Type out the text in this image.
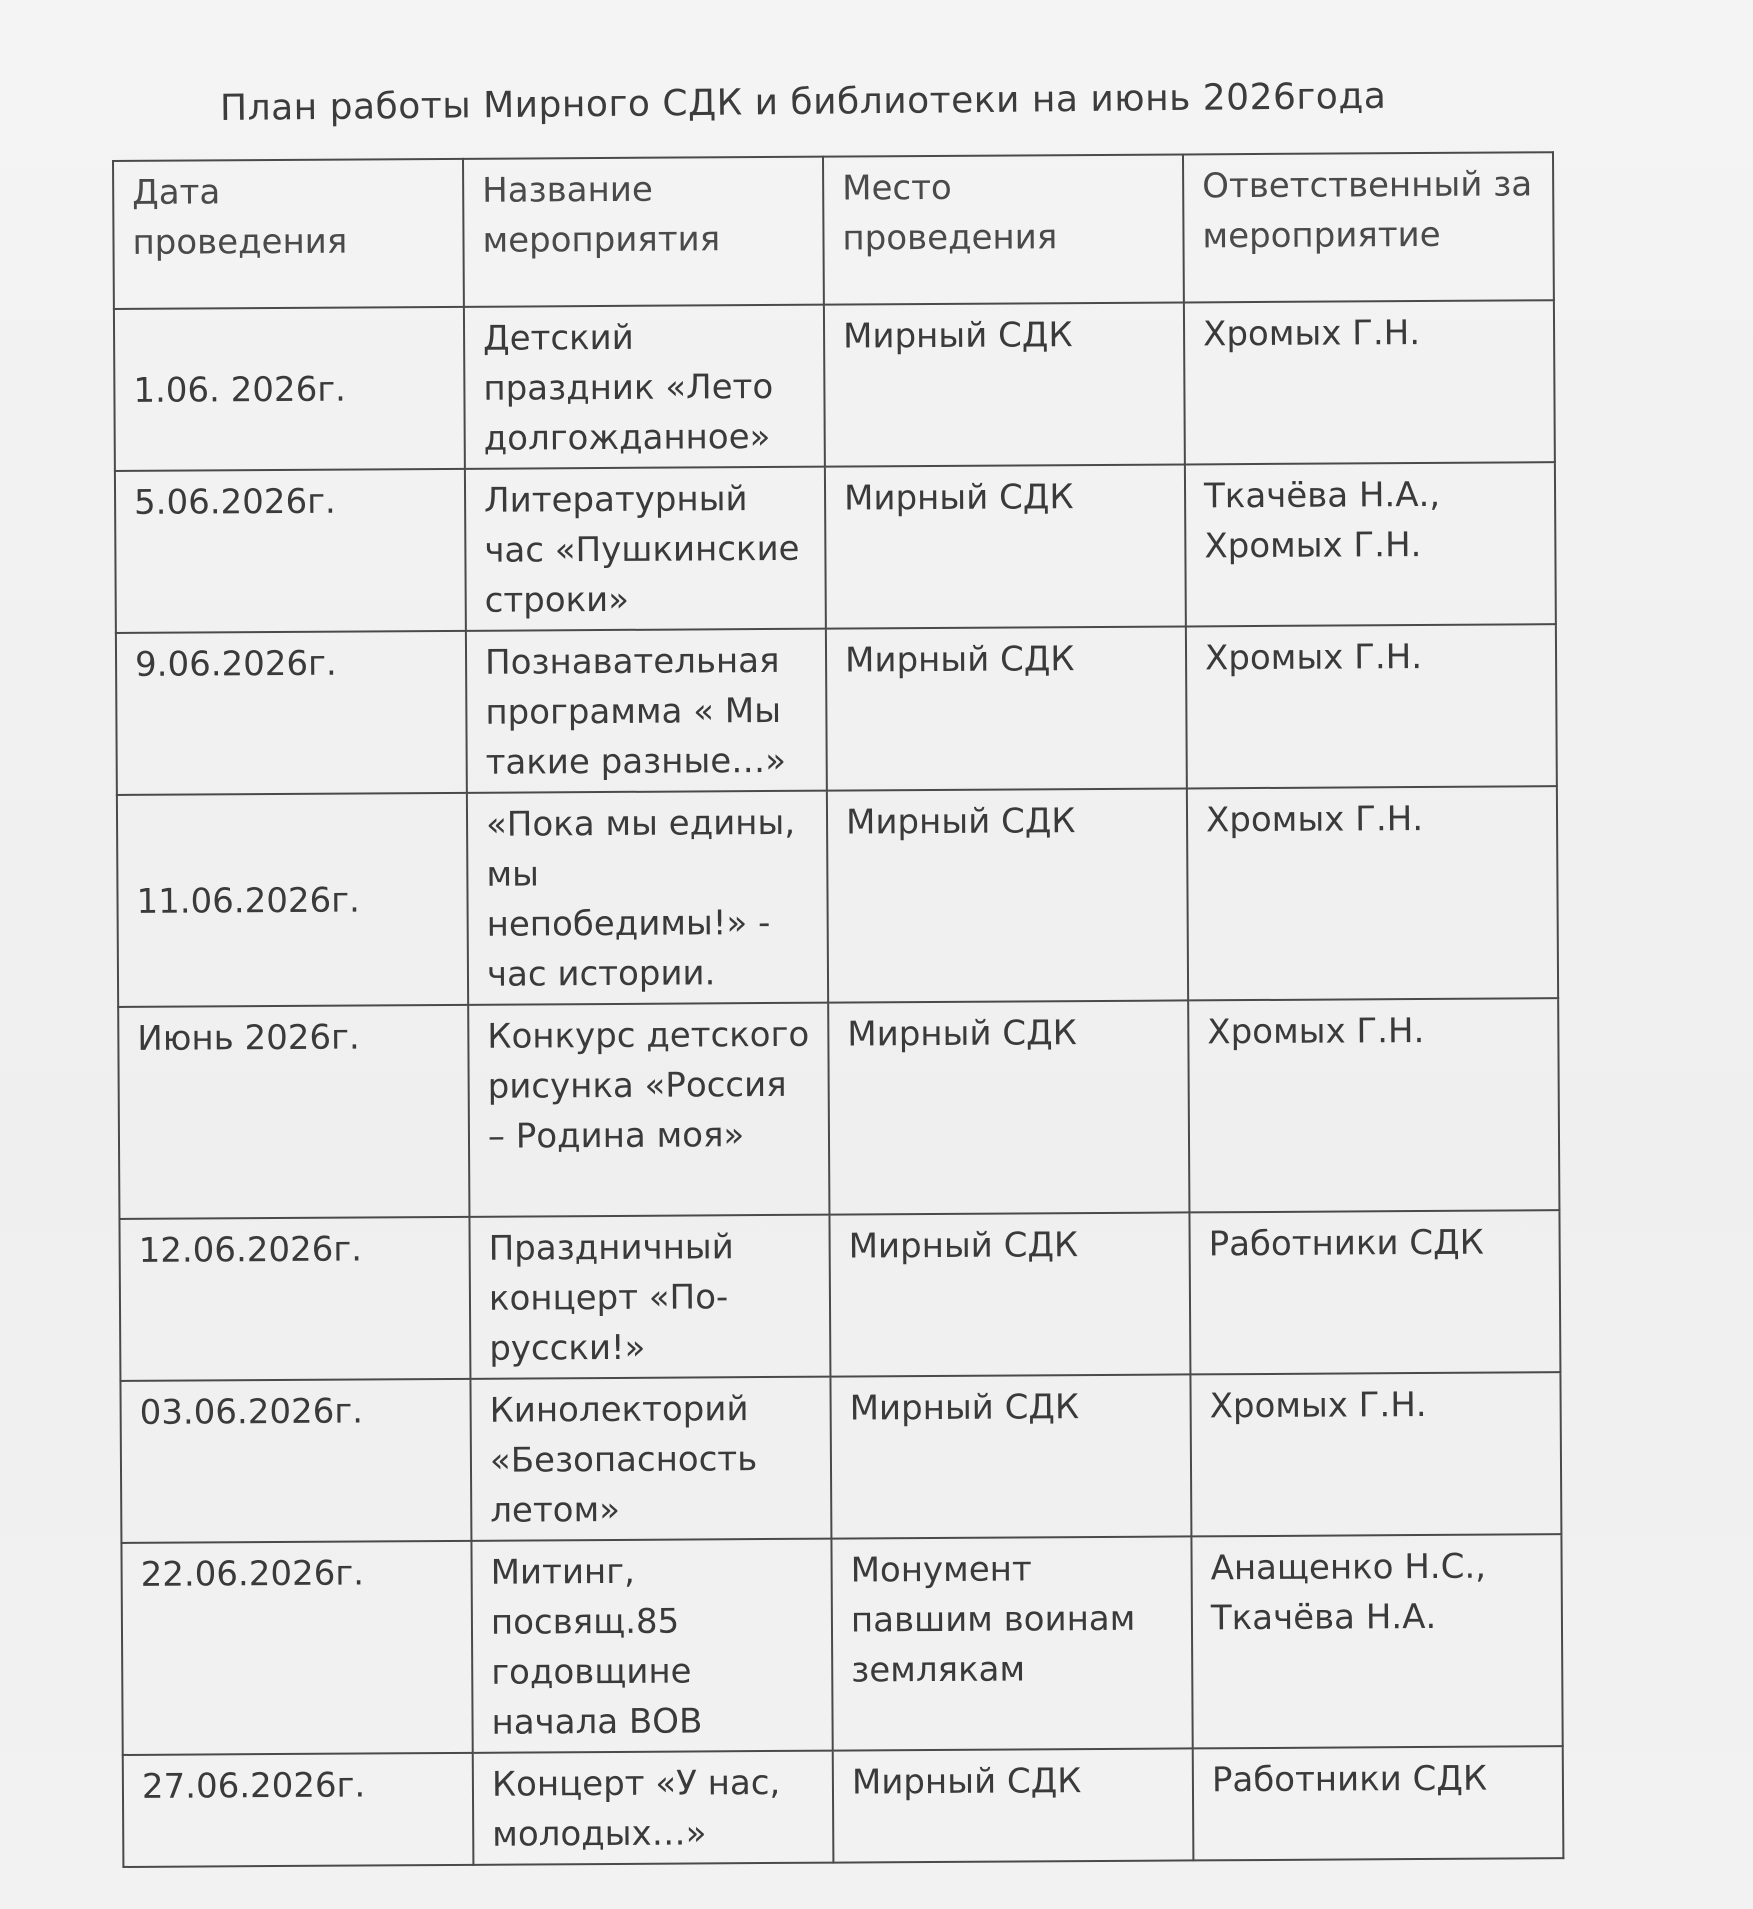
План работы Мирного СДК и библиотеки на июнь 2026года
Дата проведения	Название мероприятия	Место проведения	Ответственный за мероприятие
1.06. 2026г.	Детский праздник «Лето долгожданное»	Мирный СДК	Хромых Г.Н.
5.06.2026г.	Литературный час «Пушкинские строки»	Мирный СДК	Ткачёва Н.А., Хромых Г.Н.
9.06.2026г.	Познавательная программа « Мы такие разные…»	Мирный СДК	Хромых Г.Н.
11.06.2026г.	«Пока мы едины, мы непобедимы!» - час истории.	Мирный СДК	Хромых Г.Н.
Июнь 2026г.	Конкурс детского рисунка «Россия – Родина моя»	Мирный СДК	Хромых Г.Н.
12.06.2026г.	Праздничный концерт «По-русски!»	Мирный СДК	Работники СДК
03.06.2026г.	Кинолекторий «Безопасность летом»	Мирный СДК	Хромых Г.Н.
22.06.2026г.	Митинг, посвящ.85 годовщине начала ВОВ	Монумент павшим воинам землякам	Анащенко Н.С., Ткачёва Н.А.
27.06.2026г.	Концерт «У нас, молодых…»	Мирный СДК	Работники СДК
